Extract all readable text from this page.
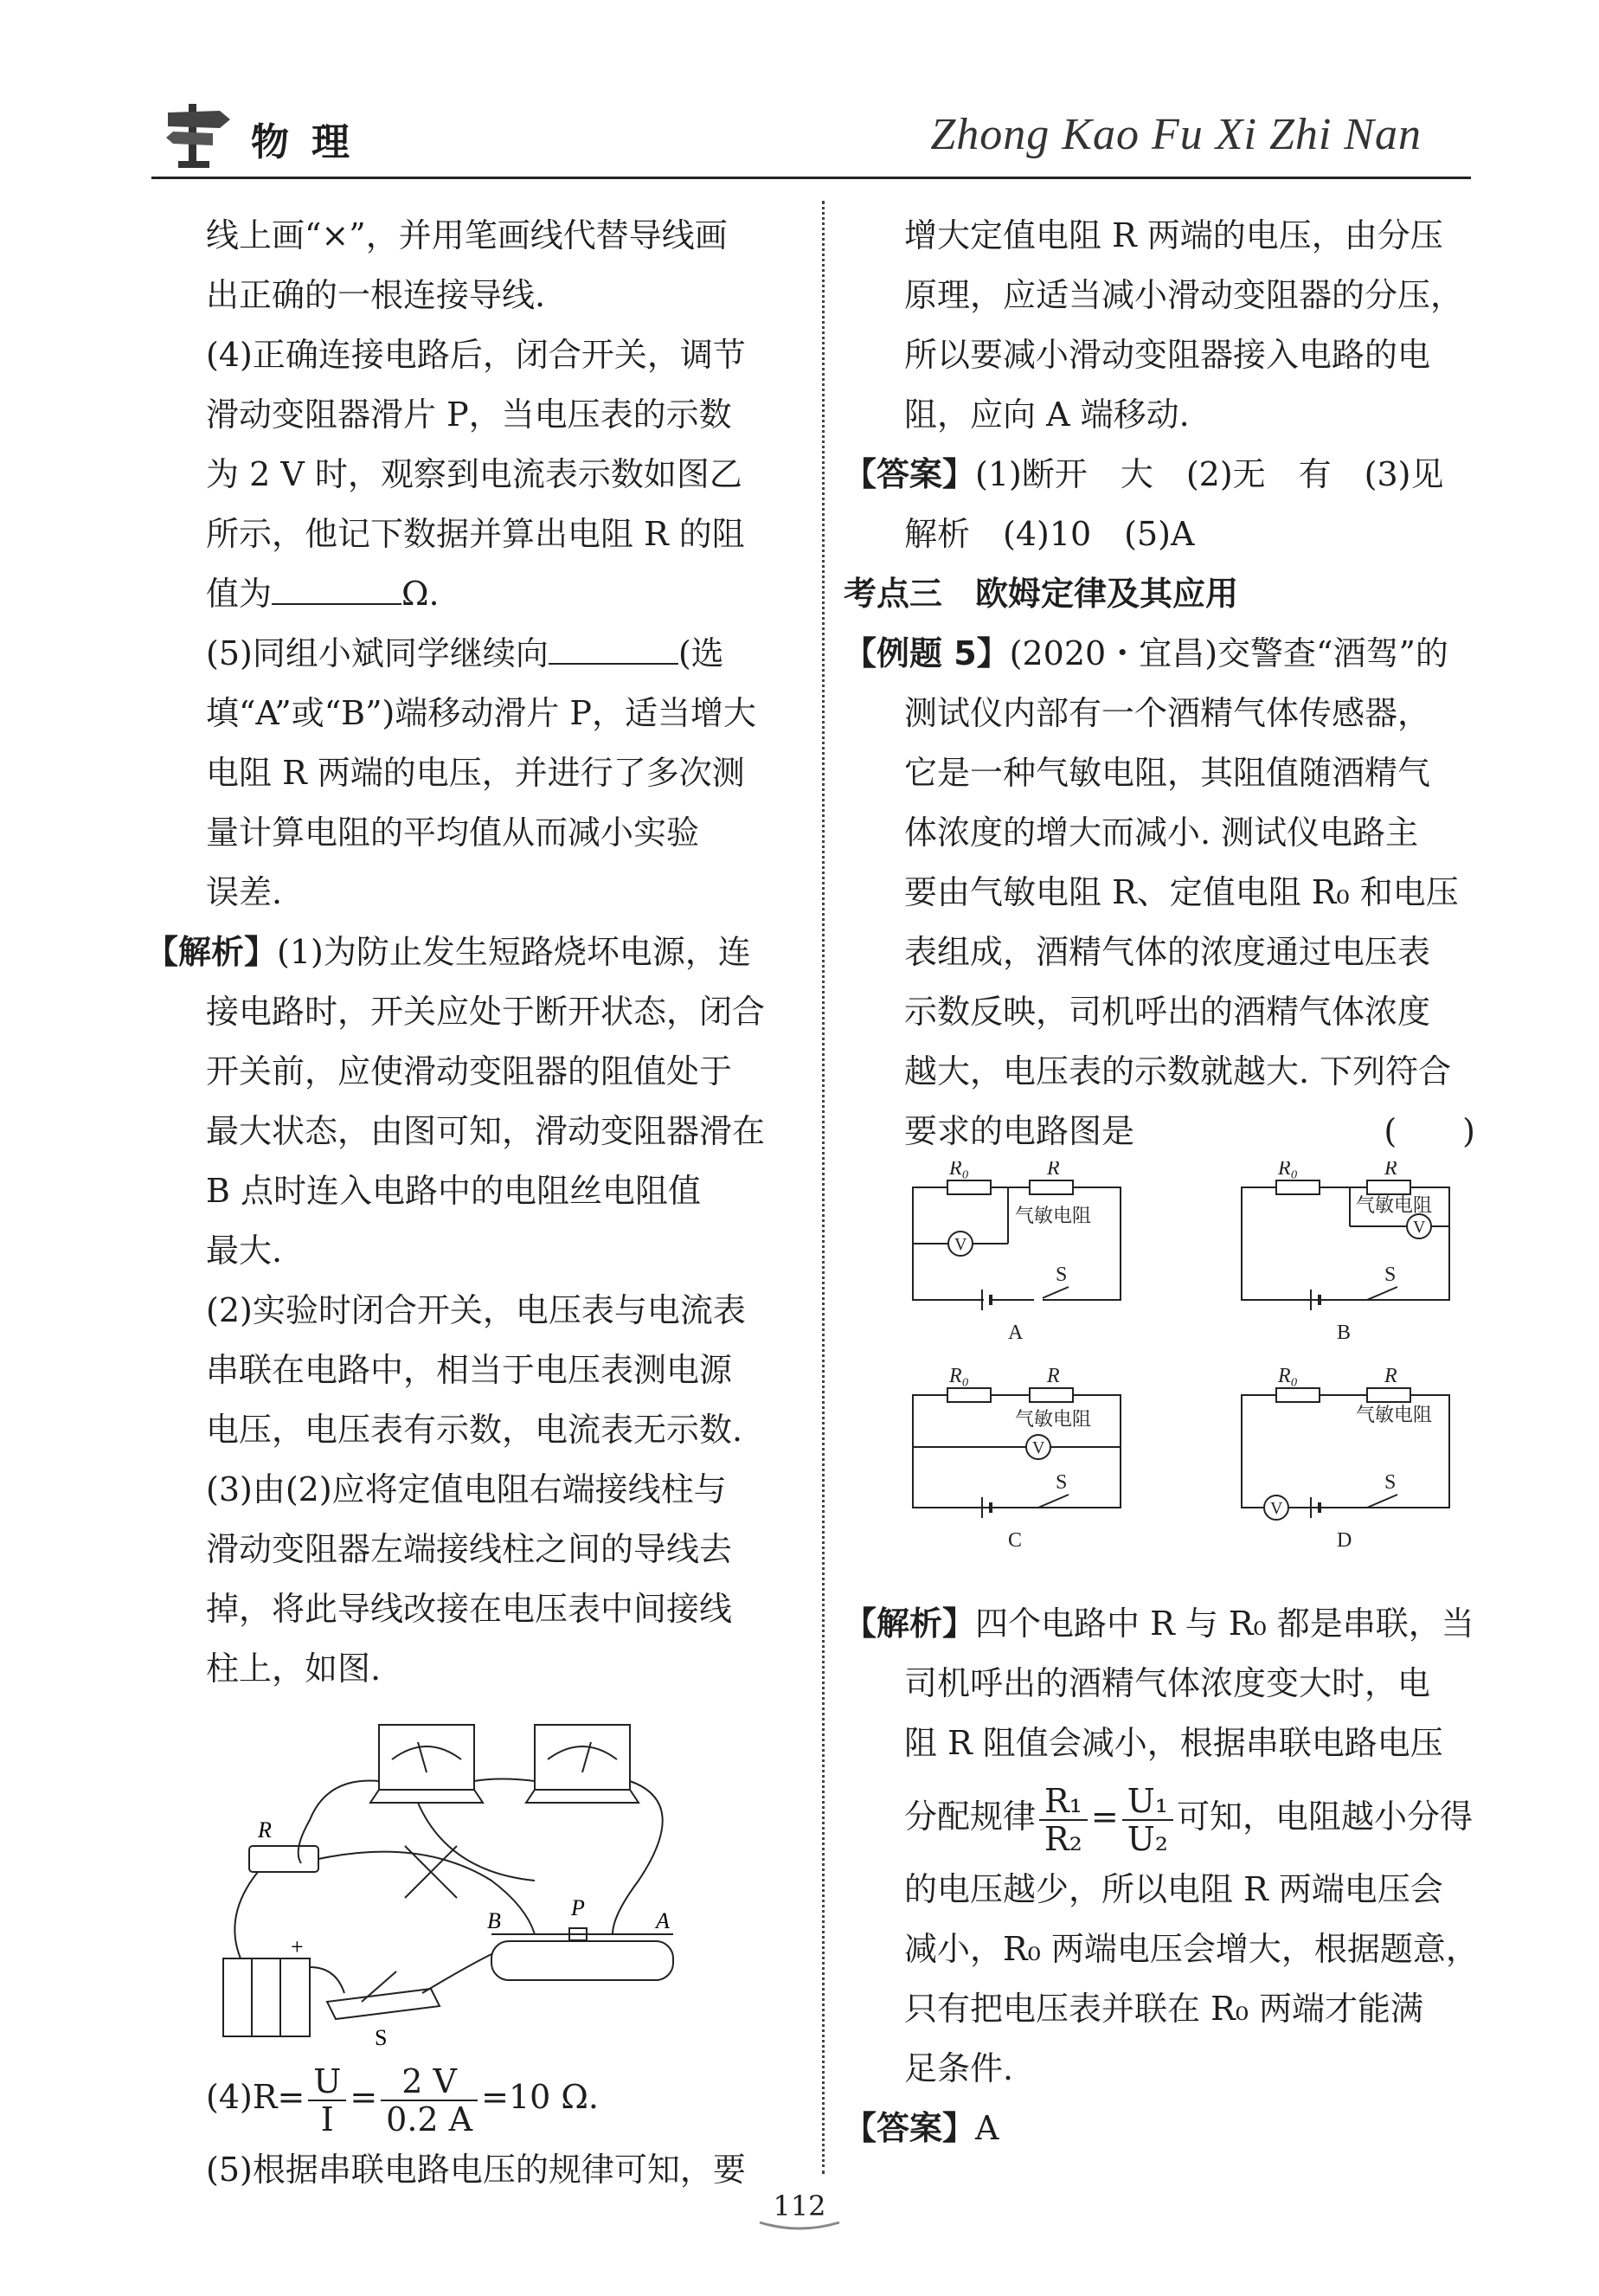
物理	Zhong Kao Fu Xi Zhi Nan
线上画“×”，并用笔画线代替导线画
出正确的一根连接导线.
(4)正确连接电路后，闭合开关，调节
滑动变阻器滑片 P，当电压表的示数
为 2 V 时，观察到电流表示数如图乙
所示，他记下数据并算出电阻 R 的阻
值为	Ω.
(5)同组小斌同学继续向	(选
填“A”或“B”)端移动滑片 P，适当增大
电阻 R 两端的电压，并进行了多次测
量计算电阻的平均值从而减小实验
误差.
【解析】(1)为防止发生短路烧坏电源，连
接电路时，开关应处于断开状态，闭合
开关前，应使滑动变阻器的阻值处于
最大状态，由图可知，滑动变阻器滑在
B 点时连入电路中的电阻丝电阻值
最大.
(2)实验时闭合开关，电压表与电流表
串联在电路中，相当于电压表测电源
电压，电压表有示数，电流表无示数.
(3)由(2)应将定值电阻右端接线柱与
滑动变阻器左端接线柱之间的导线去
掉，将此导线改接在电压表中间接线
柱上，如图.
R
+
B
P
A
S
$(4)R= \frac{U}{I} = \frac{2 V}{0.2 A} =10$ Ω.
(5)根据串联电路电压的规律可知，要
增大定值电阻 R 两端的电压，由分压
原理，应适当减小滑动变阻器的分压，
所以要减小滑动变阻器接入电路的电
阻，应向 A 端移动.
【答案】(1)断开　大　(2)无　有　(3)见
解析　(4)10　(5)A
考点三　欧姆定律及其应用
【例题 5】(2020・宜昌)交警查“酒驾”的
测试仪内部有一个酒精气体传感器，
它是一种气敏电阻，其阻值随酒精气
体浓度的增大而减小. 测试仪电路主
要由气敏电阻 R、定值电阻 R₀ 和电压
表组成，酒精气体的浓度通过电压表
示数反映，司机呼出的酒精气体浓度
越大，电压表的示数就越大. 下列符合
要求的电路图是	(　　)
R₀	R
气敏电阻
V
S
A
R₀	R
气敏电阻
V
S
B
R₀	R
气敏电阻
V
S
C
R₀	R
气敏电阻
V
S
D
【解析】四个电路中 R 与 R₀ 都是串联，当
司机呼出的酒精气体浓度变大时，电
阻 R 阻值会减小，根据串联电路电压
分配规律 $\frac{\text{R₁}}{\text{R₂}} = \frac{\text{U₁}}{\text{U₂}}$ 可知，电阻越小分得
的电压越少，所以电阻 R 两端电压会
减小，R₀ 两端电压会增大，根据题意，
只有把电压表并联在 R₀ 两端才能满
足条件.
【答案】A
112
